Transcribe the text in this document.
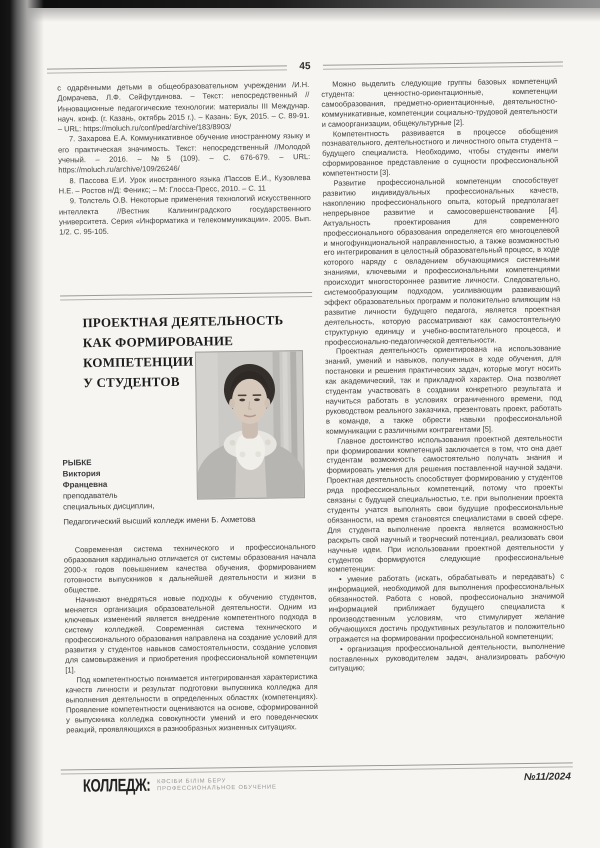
45

с одарёнными детьми в общеобразовательном учреждении /И.Н. Домрачева, Л.Ф. Сейфутдинова. – Текст: непосредственный //Инновационные педагогические технологии: материалы III Междунар. науч. конф. (г. Казань, октябрь 2015 г.). – Казань: Бук, 2015. – С. 89-91. – URL: https://moluch.ru/conf/ped/archive/183/8903/

7. Захарова Е.А. Коммуникативное обучение иностранному языку и его практическая значимость. Текст: непосредственный //Молодой ученый. – 2016. – №5 (109). – С. 676-679. – URL: https://moluch.ru/archive/109/26246/

8. Пассова Е.И. Урок иностранного языка /Пассов Е.И., Кузовлева Н.Е. – Ростов н/Д: Феникс; – М: Глосса-Пресс, 2010. – С. 11

9. Толстель О.В. Некоторые применения технологий искусственного интеллекта //Вестник Калининградского государственного университета. Серия «Информатика и телекоммуникации». 2005. Вып. 1/2. С. 95-105.

ПРОЕКТНАЯ ДЕЯТЕЛЬНОСТЬ
КАК ФОРМИРОВАНИЕ
КОМПЕТЕНЦИИ
У СТУДЕНТОВ
РЫБКЕ
Виктория
Францевна
преподаватель
специальных дисциплин,
Педагогический высший колледж имени Б. Ахметова

Современная система технического и профессионального образования кардинально отличается от системы образования начала 2000-х годов повышением качества обучения, формированием готовности выпускников к дальнейшей деятельности и жизни в обществе.

Начинают внедряться новые подходы к обучению студентов, меняется организация образовательной деятельности. Одним из ключевых изменений является внедрение компетентного подхода в систему колледжей. Современная система технического и профессионального образования направлена на создание условий для развития у студентов навыков самостоятельности, создание условия для самовыражения и приобретения профессиональной компетенции [1].

Под компетентностью понимается интегрированная характеристика качеств личности и результат подготовки выпускника колледжа для выполнения деятельности в определенных областях (компетенциях). Проявление компетентности оцениваются на основе, сформированной у выпускника колледжа совокупности умений и его поведенческих реакций, проявляющихся в разнообразных жизненных ситуациях.

Можно выделить следующие группы базовых компетенций студента: ценностно-ориентационные, компетенции самообразования, предметно-ориентационные, деятельностно-коммуникативные, компетенции социально-трудовой деятельности и самоорганизации, общекультурные [2].

Компетентность развивается в процессе обобщения познавательного, деятельностного и личностного опыта студента – будущего специалиста. Необходимо, чтобы студенты имели сформированное представление о сущности профессиональной компетентности [3].

Развитие профессиональной компетенции способствует развитию индивидуальных профессиональных качеств, накоплению профессионального опыта, который предполагает непрерывное развитие и самосовершенствование [4]. Актуальность проектирования для современного профессионального образования определяется его многоцелевой и многофункциональной направленностью, а также возможностью его интегрирования в целостный образовательный процесс, в ходе которого наряду с овладением обучающимися системными знаниями, ключевыми и профессиональными компетенциями происходит многостороннее развитие личности. Следовательно, системообразующим подходом, усиливающим развивающий эффект образовательных программ и положительно влияющим на развитие личности будущего педагога, является проектная деятельность, которую рассматривают как самостоятельную структурную единицу и учебно-воспитательного процесса, и профессионально-педагогической деятельности.

Проектная деятельность ориентирована на использование знаний, умений и навыков, полученных в ходе обучения, для постановки и решения практических задач, которые могут носить как академический, так и прикладной характер. Она позволяет студентам участвовать в создании конкретного результата и научиться работать в условиях ограниченного времени, под руководством реального заказчика, презентовать проект, работать в команде, а также обрести навыки профессиональной коммуникации с различными контрагентами [5].

Главное достоинство использования проектной деятельности при формировании компетенций заключается в том, что она дает студентам возможность самостоятельно получать знания и формировать умения для решения поставленной научной задачи. Проектная деятельность способствует формированию у студентов ряда профессиональных компетенций, потому что проекты связаны с будущей специальностью, т.е. при выполнении проекта студенты учатся выполнять свои будущие профессиональные обязанности, на время становятся специалистами в своей сфере. Для студента выполнение проекта является возможностью раскрыть свой научный и творческий потенциал, реализовать свои научные идеи. При использовании проектной деятельности у студентов формируются следующие профессиональные компетенции:

• умение работать (искать, обрабатывать и передавать) с информацией, необходимой для выполнения профессиональных обязанностей. Работа с новой, профессионально значимой информацией приближает будущего специалиста к производственным условиям, что стимулирует желание обучающихся достичь продуктивных результатов и положительно отражается на формировании профессиональной компетенции;

• организация профессиональной деятельности, выполнение поставленных руководителем задач, анализировать рабочую ситуацию;

КОЛЛЕДЖ: КӘСІБИ БІЛІМ БЕРУ
ПРОФЕССИОНАЛЬНОЕ ОБУЧЕНИЕ
№11/2024
